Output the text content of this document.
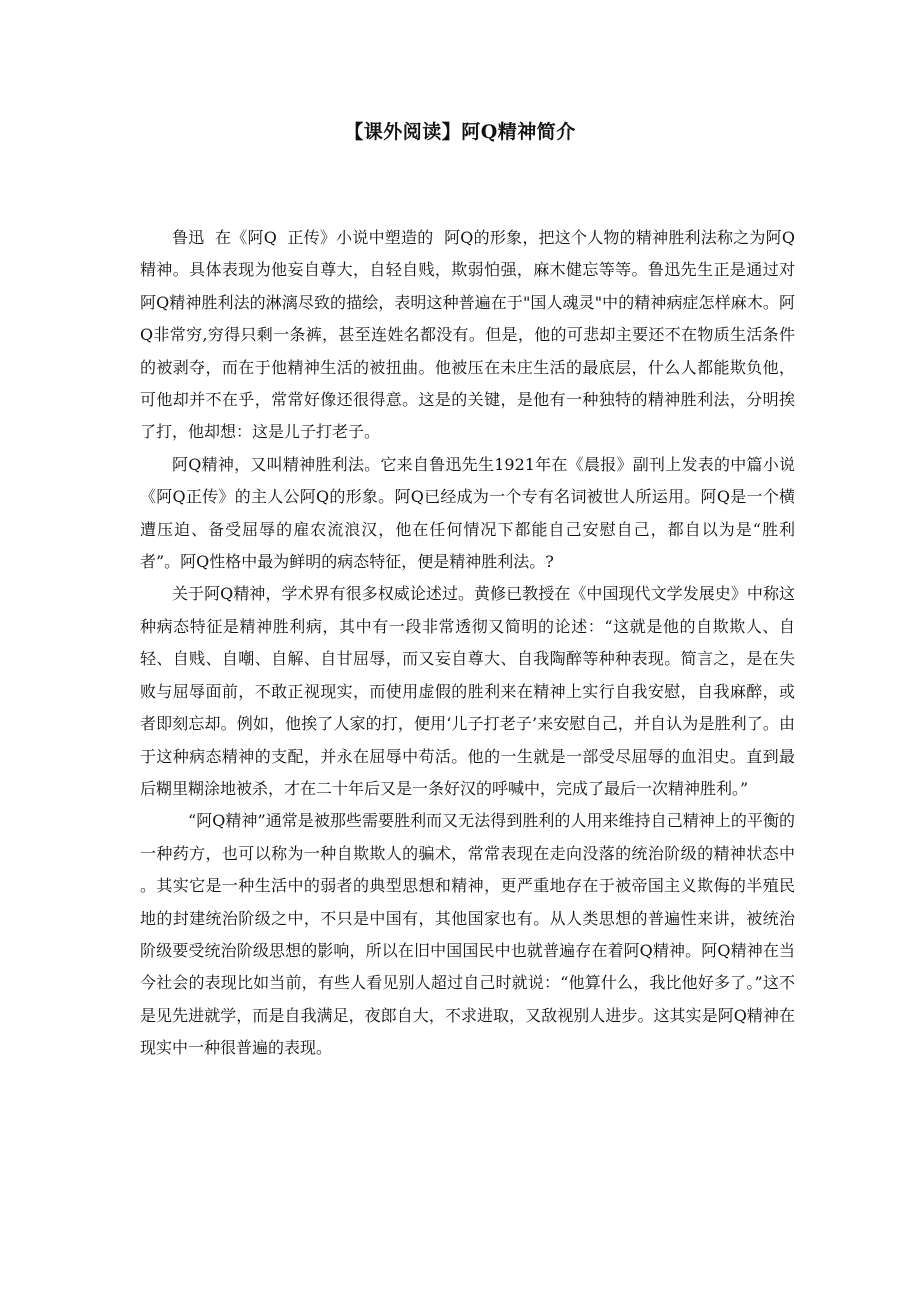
【课外阅读】阿Q精神简介

鲁迅  在《阿Q  正传》小说中塑造的  阿Q的形象，把这个人物的精神胜利法称之为阿Q精神。具体表现为他妄自尊大，自轻自贱，欺弱怕强，麻木健忘等等。鲁迅先生正是通过对阿Q精神胜利法的淋漓尽致的描绘，表明这种普遍在于"国人魂灵"中的精神病症怎样麻木。阿Q非常穷,穷得只剩一条裤，甚至连姓名都没有。但是，他的可悲却主要还不在物质生活条件的被剥夺，而在于他精神生活的被扭曲。他被压在未庄生活的最底层，什么人都能欺负他，可他却并不在乎，常常好像还很得意。这是的关键，是他有一种独特的精神胜利法，分明挨了打，他却想：这是儿子打老子。

阿Q精神，又叫精神胜利法。它来自鲁迅先生1921年在《晨报》副刊上发表的中篇小说《阿Q正传》的主人公阿Q的形象。阿Q已经成为一个专有名词被世人所运用。阿Q是一个横遭压迫、备受屈辱的雇农流浪汉，他在任何情况下都能自己安慰自己，都自以为是“胜利者”。阿Q性格中最为鲜明的病态特征，便是精神胜利法。?

关于阿Q精神，学术界有很多权威论述过。黄修已教授在《中国现代文学发展史》中称这种病态特征是精神胜利病，其中有一段非常透彻又简明的论述：“这就是他的自欺欺人、自轻、自贱、自嘲、自解、自甘屈辱，而又妄自尊大、自我陶醉等种种表现。简言之，是在失败与屈辱面前，不敢正视现实，而使用虚假的胜利来在精神上实行自我安慰，自我麻醉，或者即刻忘却。例如，他挨了人家的打，便用‘儿子打老子’来安慰自己，并自认为是胜利了。由于这种病态精神的支配，并永在屈辱中苟活。他的一生就是一部受尽屈辱的血泪史。直到最后糊里糊涂地被杀，才在二十年后又是一条好汉的呼喊中，完成了最后一次精神胜利。”

“阿Q精神”通常是被那些需要胜利而又无法得到胜利的人用来维持自己精神上的平衡的一种药方，也可以称为一种自欺欺人的骗术，常常表现在走向没落的统治阶级的精神状态中  。其实它是一种生活中的弱者的典型思想和精神，更严重地存在于被帝国主义欺侮的半殖民地的封建统治阶级之中，不只是中国有，其他国家也有。从人类思想的普遍性来讲，被统治阶级要受统治阶级思想的影响，所以在旧中国国民中也就普遍存在着阿Q精神。阿Q精神在当今社会的表现比如当前，有些人看见别人超过自己时就说：“他算什么，我比他好多了。”这不是见先进就学，而是自我满足，夜郎自大，不求进取，又敌视别人进步。这其实是阿Q精神在现实中一种很普遍的表现。
